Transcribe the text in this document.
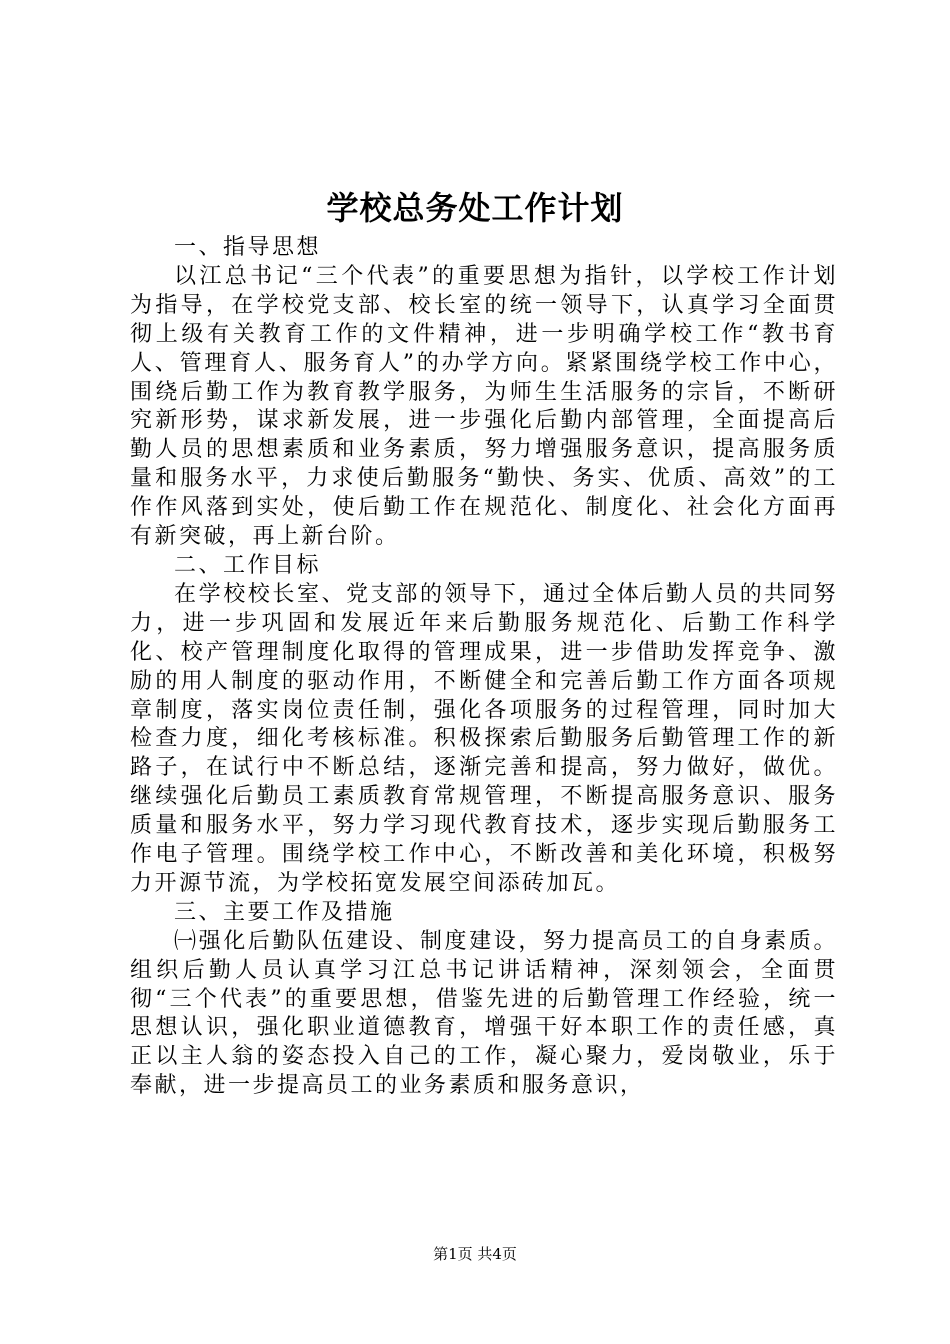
学校总务处工作计划
一、指导思想

以江总书记“三个代表”的重要思想为指针，以学校工作计划为指导，在学校党支部、校长室的统一领导下，认真学习全面贯彻上级有关教育工作的文件精神，进一步明确学校工作“教书育人、管理育人、服务育人”的办学方向。紧紧围绕学校工作中心，围绕后勤工作为教育教学服务，为师生生活服务的宗旨，不断研究新形势，谋求新发展，进一步强化后勤内部管理，全面提高后勤人员的思想素质和业务素质，努力增强服务意识，提高服务质量和服务水平，力求使后勤服务“勤快、务实、优质、高效”的工作作风落到实处，使后勤工作在规范化、制度化、社会化方面再有新突破，再上新台阶。

二、工作目标

在学校校长室、党支部的领导下，通过全体后勤人员的共同努力，进一步巩固和发展近年来后勤服务规范化、后勤工作科学化、校产管理制度化取得的管理成果，进一步借助发挥竞争、激励的用人制度的驱动作用，不断健全和完善后勤工作方面各项规章制度，落实岗位责任制，强化各项服务的过程管理，同时加大检查力度，细化考核标准。积极探索后勤服务后勤管理工作的新路子，在试行中不断总结，逐渐完善和提高，努力做好，做优。继续强化后勤员工素质教育常规管理，不断提高服务意识、服务质量和服务水平，努力学习现代教育技术，逐步实现后勤服务工作电子管理。围绕学校工作中心，不断改善和美化环境，积极努力开源节流，为学校拓宽发展空间添砖加瓦。

三、主要工作及措施

㈠强化后勤队伍建设、制度建设，努力提高员工的自身素质。组织后勤人员认真学习江总书记讲话精神，深刻领会，全面贯彻“三个代表”的重要思想，借鉴先进的后勤管理工作经验，统一思想认识，强化职业道德教育，增强干好本职工作的责任感，真正以主人翁的姿态投入自己的工作，凝心聚力，爱岗敬业，乐于奉献，进一步提高员工的业务素质和服务意识，

第1页 共4页
